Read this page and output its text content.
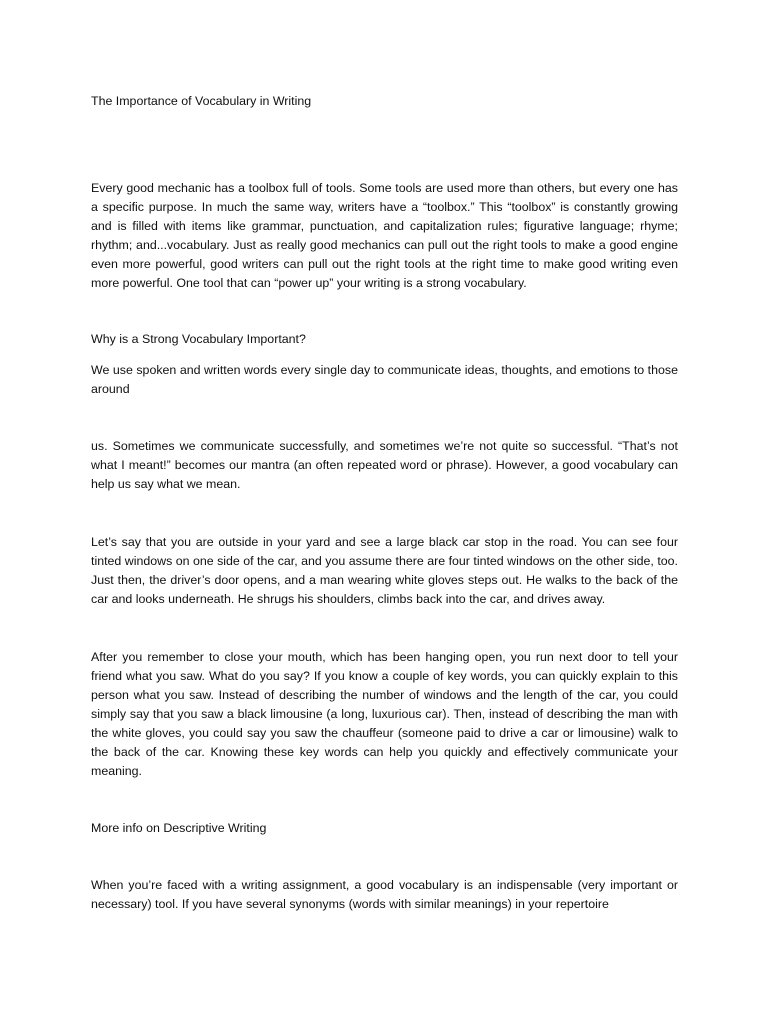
The Importance of Vocabulary in Writing

Every good mechanic has a toolbox full of tools. Some tools are used more than others, but every one has a specific purpose. In much the same way, writers have a “toolbox.” This “toolbox” is constantly growing and is filled with items like grammar, punctuation, and capitalization rules; figurative language; rhyme; rhythm; and...vocabulary. Just as really good mechanics can pull out the right tools to make a good engine even more powerful, good writers can pull out the right tools at the right time to make good writing even more powerful. One tool that can “power up” your writing is a strong vocabulary.

Why is a Strong Vocabulary Important?

We use spoken and written words every single day to communicate ideas, thoughts, and emotions to those around

us. Sometimes we communicate successfully, and sometimes we’re not quite so successful. “That’s not what I meant!” becomes our mantra (an often repeated word or phrase). However, a good vocabulary can help us say what we mean.

Let’s say that you are outside in your yard and see a large black car stop in the road. You can see four tinted windows on one side of the car, and you assume there are four tinted windows on the other side, too. Just then, the driver’s door opens, and a man wearing white gloves steps out. He walks to the back of the car and looks underneath. He shrugs his shoulders, climbs back into the car, and drives away.

After you remember to close your mouth, which has been hanging open, you run next door to tell your friend what you saw. What do you say? If you know a couple of key words, you can quickly explain to this person what you saw. Instead of describing the number of windows and the length of the car, you could simply say that you saw a black limousine (a long, luxurious car). Then, instead of describing the man with the white gloves, you could say you saw the chauffeur (someone paid to drive a car or limousine) walk to the back of the car. Knowing these key words can help you quickly and effectively communicate your meaning.

More info on Descriptive Writing

When you’re faced with a writing assignment, a good vocabulary is an indispensable (very important or necessary) tool. If you have several synonyms (words with similar meanings) in your repertoire
